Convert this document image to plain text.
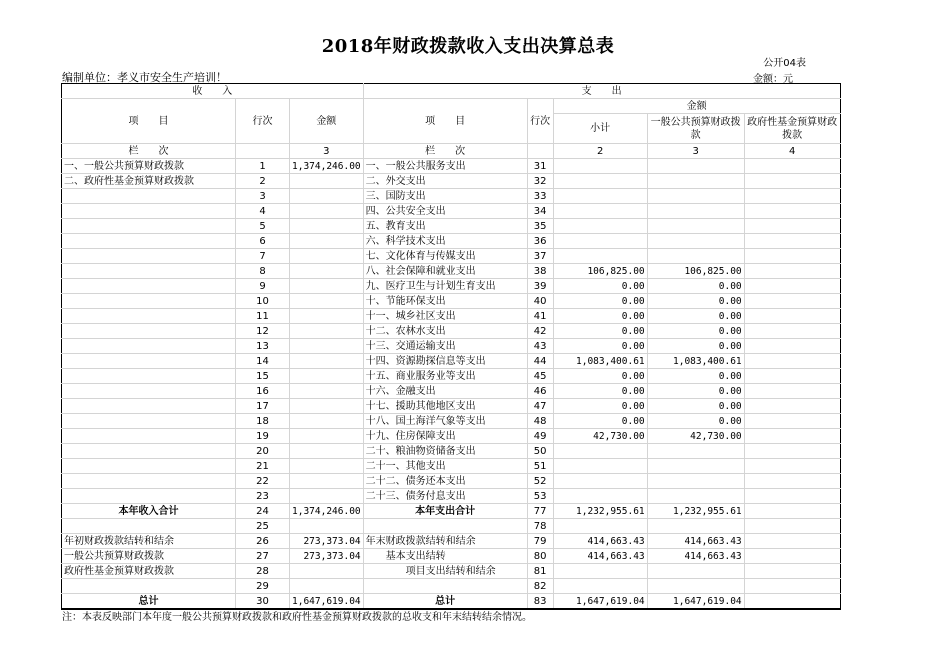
2018年财政拨款收入支出决算总表
公开04表
编制单位：孝义市安全生产培训！	金额：元
收　　入			支　　出				
项　　目	行次	金额	项　　目	行次	金额		
					小计	一般公共预算财政拨款	政府性基金预算财政拨款
栏　　次		3	栏　　次		2	3	4
一、一般公共预算财政拨款	1	1,374,246.00	一、一般公共服务支出	31			
二、政府性基金预算财政拨款	2		二、外交支出	32			
	3		三、国防支出	33			
	4		四、公共安全支出	34			
	5		五、教育支出	35			
	6		六、科学技术支出	36			
	7		七、文化体育与传媒支出	37			
	8		八、社会保障和就业支出	38	106,825.00	106,825.00	
	9		九、医疗卫生与计划生育支出	39	0.00	0.00	
	10		十、节能环保支出	40	0.00	0.00	
	11		十一、城乡社区支出	41	0.00	0.00	
	12		十二、农林水支出	42	0.00	0.00	
	13		十三、交通运输支出	43	0.00	0.00	
	14		十四、资源勘探信息等支出	44	1,083,400.61	1,083,400.61	
	15		十五、商业服务业等支出	45	0.00	0.00	
	16		十六、金融支出	46	0.00	0.00	
	17		十七、援助其他地区支出	47	0.00	0.00	
	18		十八、国土海洋气象等支出	48	0.00	0.00	
	19		十九、住房保障支出	49	42,730.00	42,730.00	
	20		二十、粮油物资储备支出	50			
	21		二十一、其他支出	51			
	22		二十二、债务还本支出	52			
	23		二十三、债务付息支出	53			
本年收入合计	24	1,374,246.00	本年支出合计	77	1,232,955.61	1,232,955.61	
	25			78			
年初财政拨款结转和结余	26	273,373.04	年末财政拨款结转和结余	79	414,663.43	414,663.43	
一般公共预算财政拨款	27	273,373.04	　　基本支出结转	80	414,663.43	414,663.43	
政府性基金预算财政拨款	28		　　　　项目支出结转和结余	81			
	29			82			
总计	30	1,647,619.04	总计	83	1,647,619.04	1,647,619.04	
注：本表反映部门本年度一般公共预算财政拨款和政府性基金预算财政拨款的总收支和年末结转结余情况。
